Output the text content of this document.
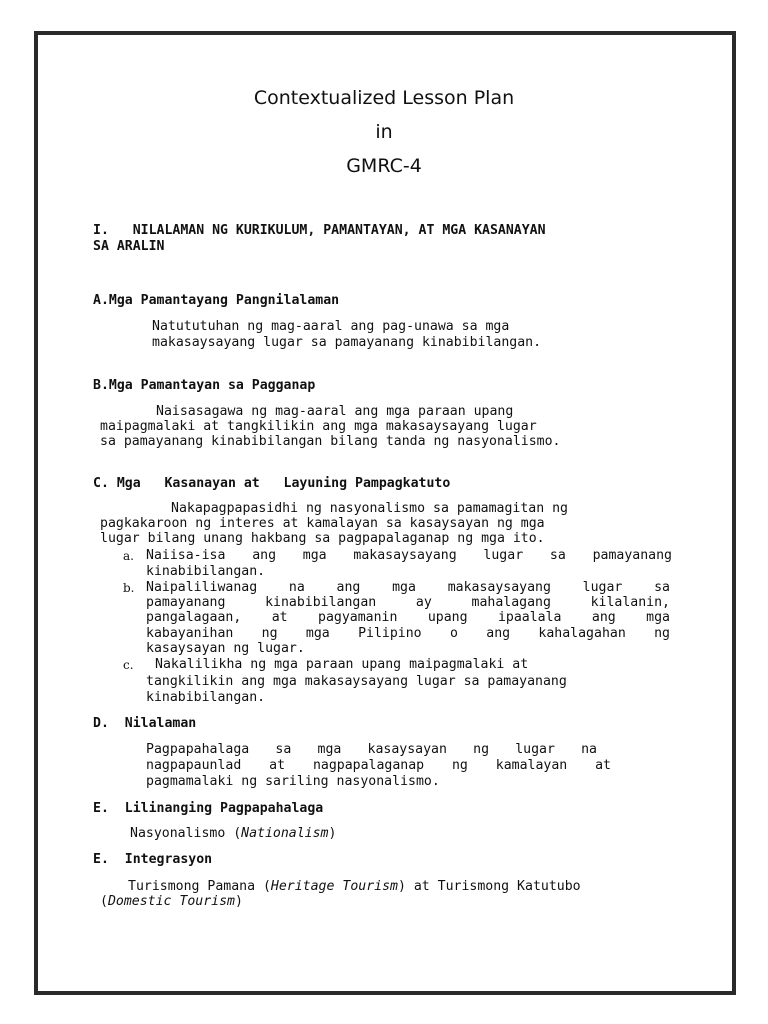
Contextualized Lesson Plan
in
GMRC-4
I.   NILALAMAN NG KURIKULUM, PAMANTAYAN, AT MGA KASANAYAN
SA ARALIN
A.Mga Pamantayang Pangnilalaman
Natututuhan ng mag-aaral ang pag-unawa sa mga
makasaysayang lugar sa pamayanang kinabibilangan.
B.Mga Pamantayan sa Pagganap
Naisasagawa ng mag-aaral ang mga paraan upang
maipagmalaki at tangkilikin ang mga makasaysayang lugar
sa pamayanang kinabibilangan bilang tanda ng nasyonalismo.
C. Mga   Kasanayan at   Layuning Pampagkatuto
Nakapagpapasidhi ng nasyonalismo sa pamamagitan ng
pagkakaroon ng interes at kamalayan sa kasaysayan ng mga
lugar bilang unang hakbang sa pagpapalaganap ng mga ito.
a. Naiisa-isa ang mga makasaysayang lugar sa pamayanang
kinabibilangan.
b. Naipaliliwanag na ang mga makasaysayang lugar sa
pamayanang kinabibilangan ay mahalagang kilalanin,
pangalagaan, at pagyamanin upang ipaalala ang mga
kabayanihan ng mga Pilipino o ang kahalagahan ng
kasaysayan ng lugar.
c. Nakalilikha ng mga paraan upang maipagmalaki at
tangkilikin ang mga makasaysayang lugar sa pamayanang
kinabibilangan.
D.  Nilalaman
Pagpapahalaga sa mga kasaysayan ng lugar na
nagpapaunlad at nagpapalaganap ng kamalayan at
pagmamalaki ng sariling nasyonalismo.
E.  Lilinanging Pagpapahalaga
Nasyonalismo (Nationalism)
E.  Integrasyon
Turismong Pamana (Heritage Tourism) at Turismong Katutubo
(Domestic Tourism)
